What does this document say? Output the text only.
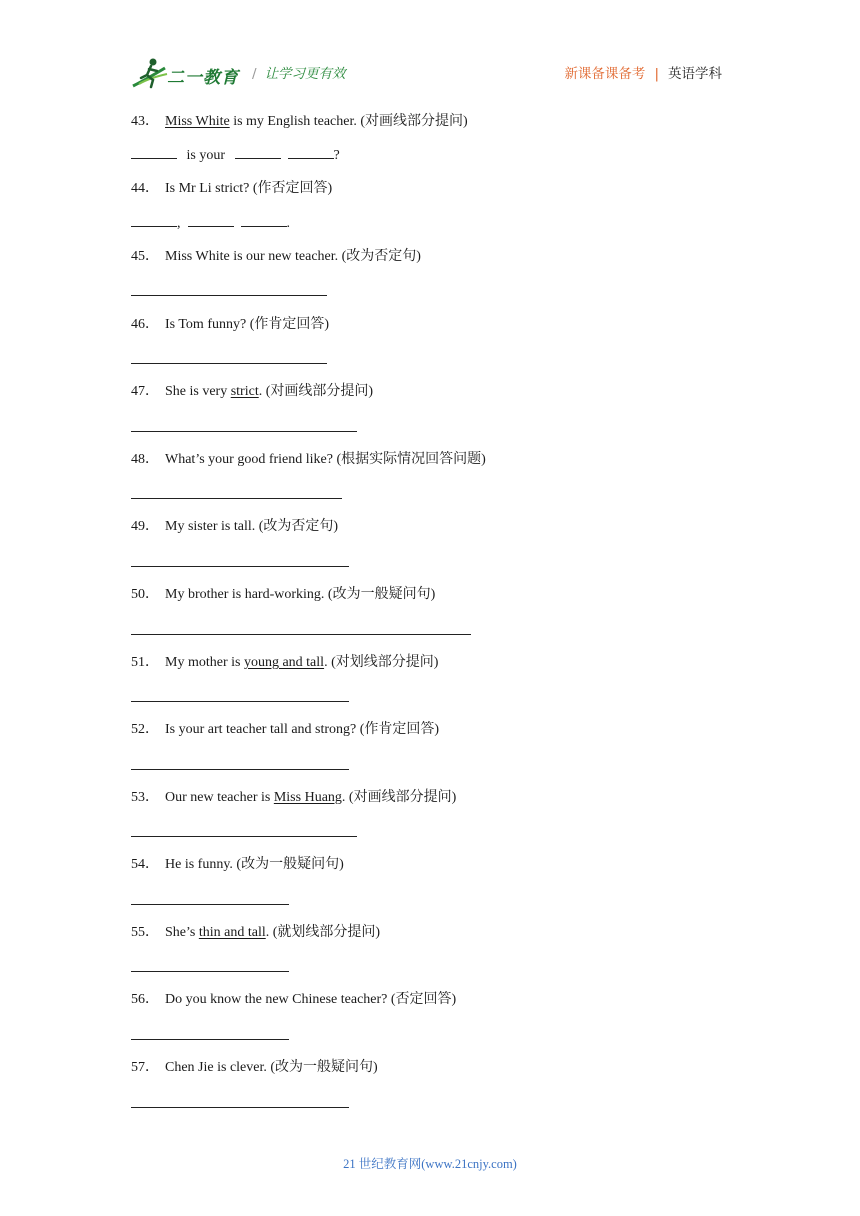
二一教育 / 让学习更有效	新课备课备考 | 英语学科
43． Miss White is my English teacher. (对画线部分提问)
is your	?
44． Is Mr Li strict? (作否定回答)
,	.
45． Miss White is our new teacher. (改为否定句)
46． Is Tom funny? (作肯定回答)
47． She is very strict. (对画线部分提问)
48． What’s your good friend like? (根据实际情况回答问题)
49． My sister is tall. (改为否定句)
50． My brother is hard-working. (改为一般疑问句)
51． My mother is young and tall. (对划线部分提问)
52． Is your art teacher tall and strong? (作肯定回答)
53． Our new teacher is Miss Huang. (对画线部分提问)
54． He is funny. (改为一般疑问句)
55． She’s thin and tall. (就划线部分提问)
56． Do you know the new Chinese teacher? (否定回答)
57． Chen Jie is clever. (改为一般疑问句)
21 世纪教育网(www.21cnjy.com)
